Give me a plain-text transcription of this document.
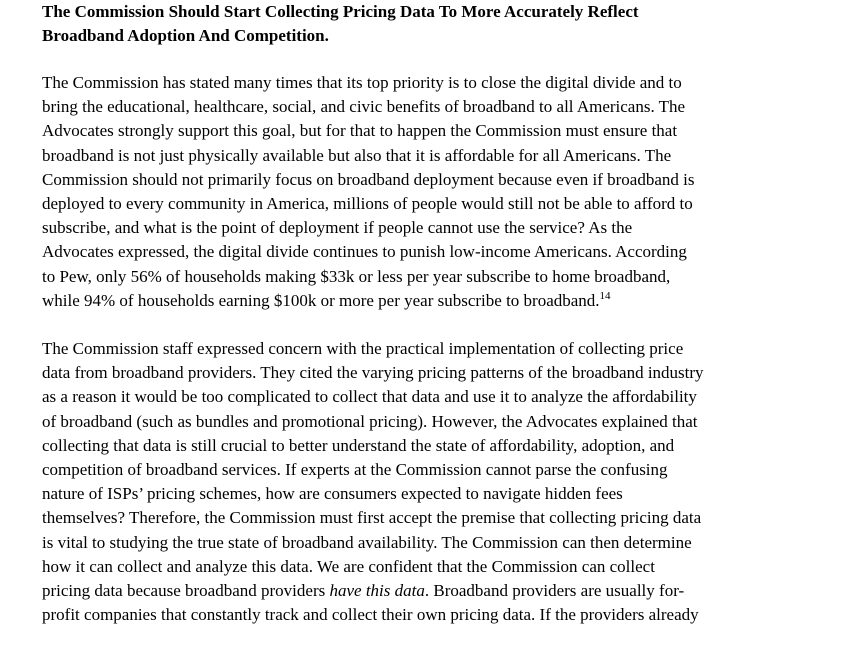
The Commission Should Start Collecting Pricing Data To More Accurately Reflect
Broadband Adoption And Competition.

The Commission has stated many times that its top priority is to close the digital divide and to
bring the educational, healthcare, social, and civic benefits of broadband to all Americans. The
Advocates strongly support this goal, but for that to happen the Commission must ensure that
broadband is not just physically available but also that it is affordable for all Americans. The
Commission should not primarily focus on broadband deployment because even if broadband is
deployed to every community in America, millions of people would still not be able to afford to
subscribe, and what is the point of deployment if people cannot use the service? As the
Advocates expressed, the digital divide continues to punish low-income Americans. According
to Pew, only 56% of households making $33k or less per year subscribe to home broadband,
while 94% of households earning $100k or more per year subscribe to broadband.$^{14}$

The Commission staff expressed concern with the practical implementation of collecting price
data from broadband providers. They cited the varying pricing patterns of the broadband industry
as a reason it would be too complicated to collect that data and use it to analyze the affordability
of broadband (such as bundles and promotional pricing). However, the Advocates explained that
collecting that data is still crucial to better understand the state of affordability, adoption, and
competition of broadband services. If experts at the Commission cannot parse the confusing
nature of ISPs’ pricing schemes, how are consumers expected to navigate hidden fees
themselves? Therefore, the Commission must first accept the premise that collecting pricing data
is vital to studying the true state of broadband availability. The Commission can then determine
how it can collect and analyze this data. We are confident that the Commission can collect
pricing data because broadband providers have this data. Broadband providers are usually for-
profit companies that constantly track and collect their own pricing data. If the providers already
